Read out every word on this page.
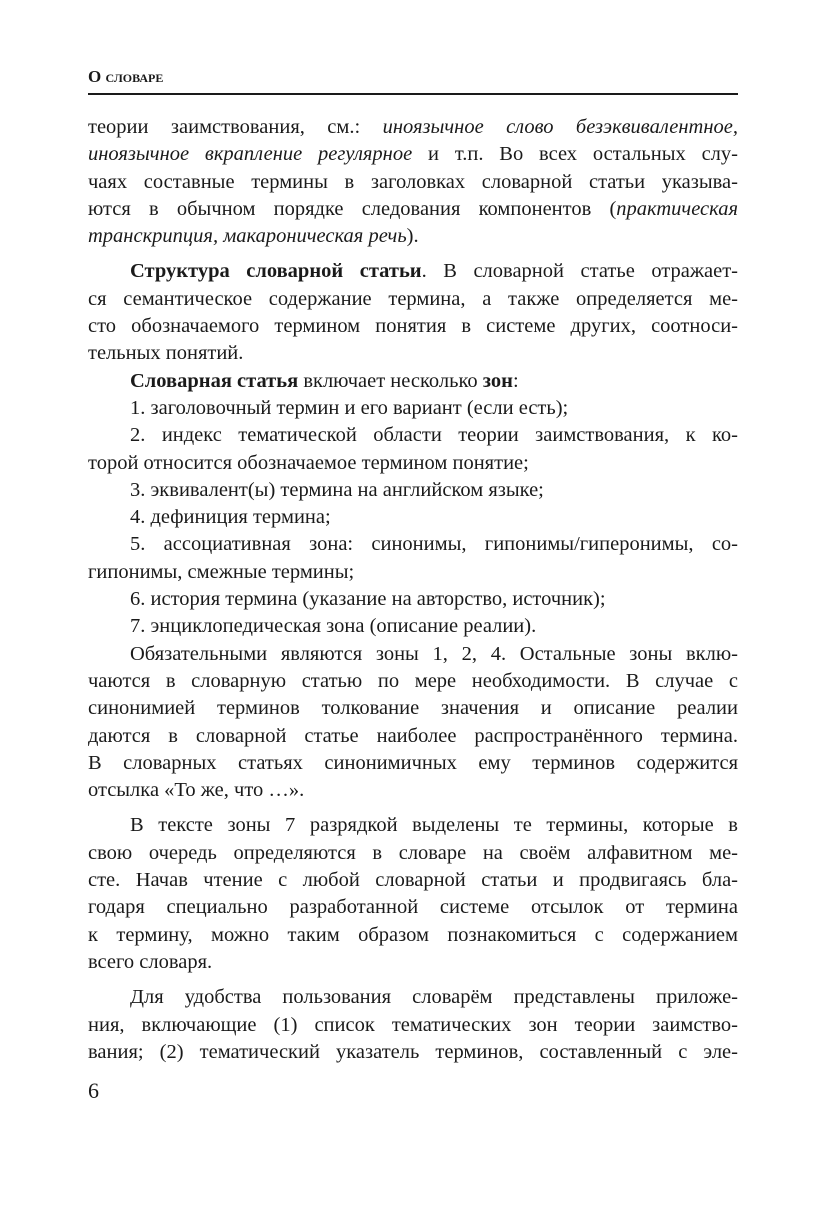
О словаре
теории заимствования, см.: иноязычное слово безэквивалентное,
иноязычное вкрапление регулярное и т.п. Во всех остальных слу-
чаях составные термины в заголовках словарной статьи указыва-
ются в обычном порядке следования компонентов (практическая
транскрипция, макароническая речь).
Структура словарной статьи. В словарной статье отражает-
ся семантическое содержание термина, а также определяется ме-
сто обозначаемого термином понятия в системе других, соотноси-
тельных понятий.
Словарная статья включает несколько зон:
1. заголовочный термин и его вариант (если есть);
2. индекс тематической области теории заимствования, к ко-
торой относится обозначаемое термином понятие;
3. эквивалент(ы) термина на английском языке;
4. дефиниция термина;
5. ассоциативная зона: синонимы, гипонимы/гиперонимы, со-
гипонимы, смежные термины;
6. история термина (указание на авторство, источник);
7. энциклопедическая зона (описание реалии).
Обязательными являются зоны 1, 2, 4. Остальные зоны вклю-
чаются в словарную статью по мере необходимости. В случае с
синонимией терминов толкование значения и описание реалии
даются в словарной статье наиболее распространённого термина.
В словарных статьях синонимичных ему терминов содержится
отсылка «То же, что …».
В тексте зоны 7 разрядкой выделены те термины, которые в
свою очередь определяются в словаре на своём алфавитном ме-
сте. Начав чтение с любой словарной статьи и продвигаясь бла-
годаря специально разработанной системе отсылок от термина
к термину, можно таким образом познакомиться с содержанием
всего словаря.
Для удобства пользования словарём представлены приложе-
ния, включающие (1) список тематических зон теории заимство-
вания; (2) тематический указатель терминов, составленный с эле-
6
